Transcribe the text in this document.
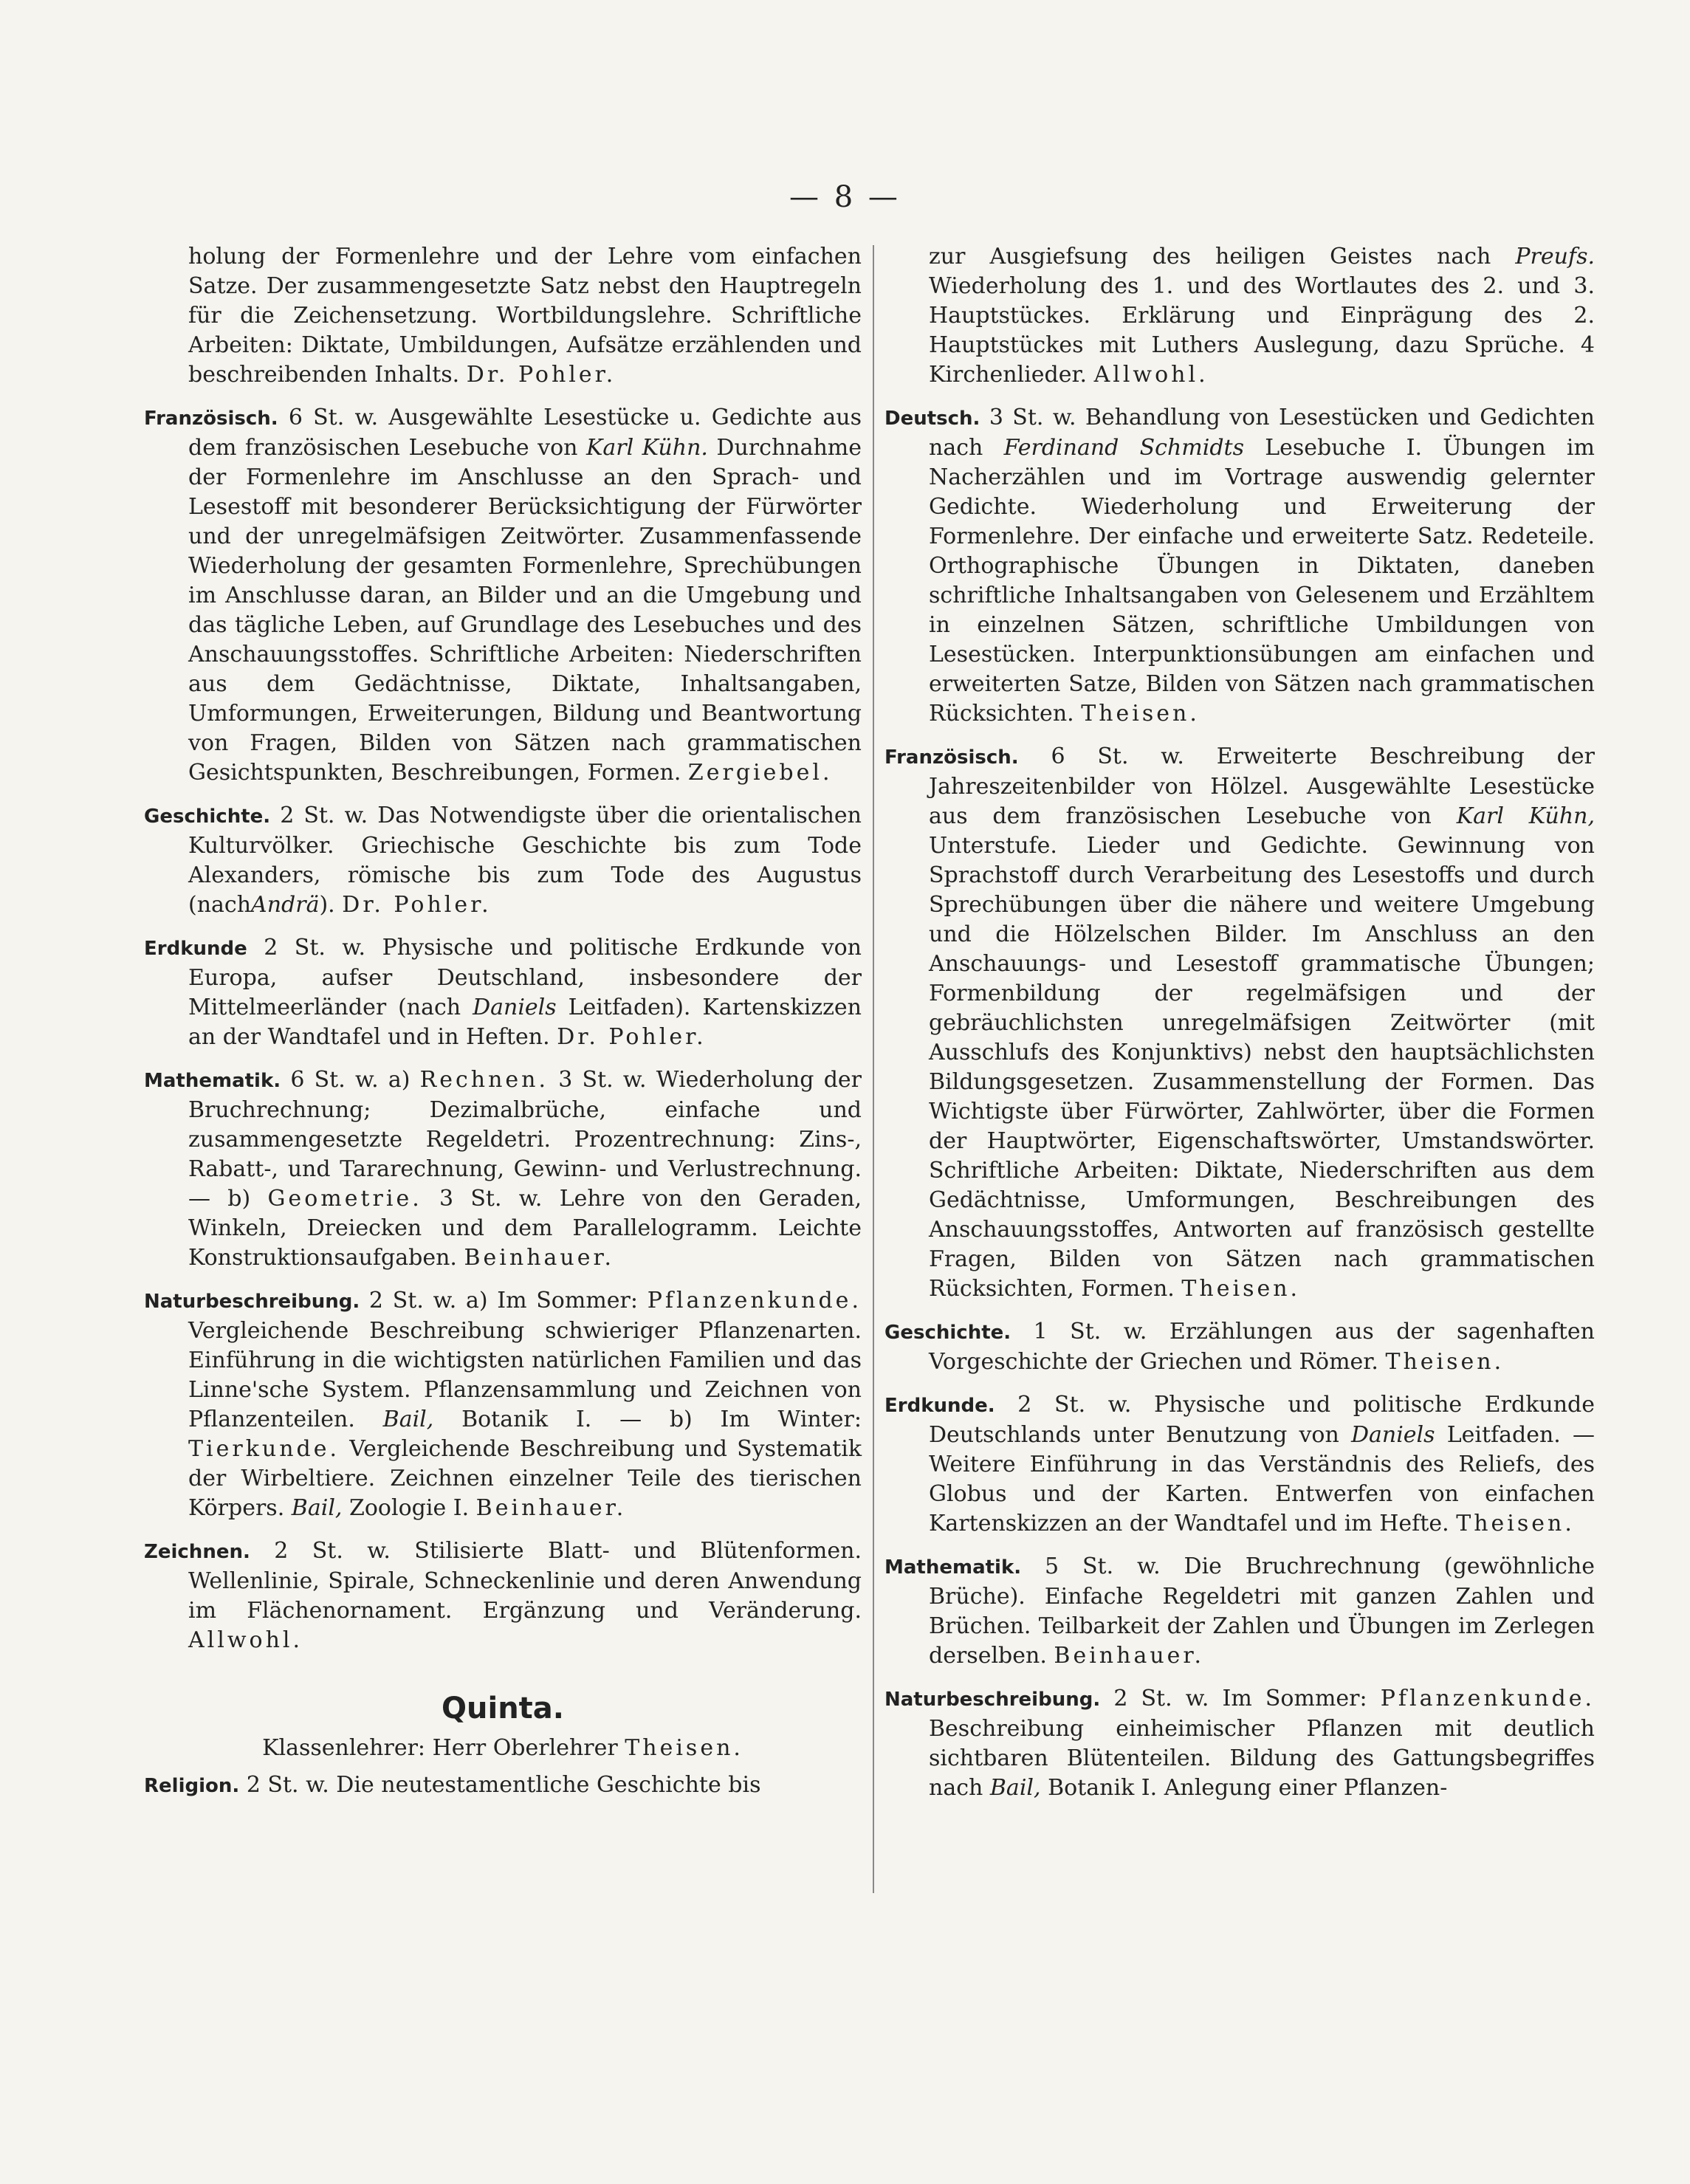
— 8 —

holung der Formenlehre und der Lehre vom einfachen Satze. Der zusammengesetzte Satz nebst den Hauptregeln für die Zeichensetzung. Wortbildungslehre. Schriftliche Arbeiten: Diktate, Umbildungen, Aufsätze erzählenden und beschreibenden Inhalts. Dr. Pohler.

Französisch. 6 St. w. Ausgewählte Lesestücke u. Gedichte aus dem französischen Lesebuche von Karl Kühn. Durchnahme der Formenlehre im Anschlusse an den Sprach- und Lesestoff mit besonderer Berücksichtigung der Fürwörter und der unregelmäfsigen Zeitwörter. Zusammenfassende Wiederholung der gesamten Formenlehre, Sprechübungen im Anschlusse daran, an Bilder und an die Umgebung und das tägliche Leben, auf Grundlage des Lesebuches und des Anschauungsstoffes. Schriftliche Arbeiten: Niederschriften aus dem Gedächtnisse, Diktate, Inhaltsangaben, Umformungen, Erweiterungen, Bildung und Beantwortung von Fragen, Bilden von Sätzen nach grammatischen Gesichtspunkten, Beschreibungen, Formen. Zergiebel.

Geschichte. 2 St. w. Das Notwendigste über die orientalischen Kulturvölker. Griechische Geschichte bis zum Tode Alexanders, römische bis zum Tode des Augustus (nachAndrä). Dr. Pohler.

Erdkunde 2 St. w. Physische und politische Erdkunde von Europa, aufser Deutschland, insbesondere der Mittelmeerländer (nach Daniels Leitfaden). Kartenskizzen an der Wandtafel und in Heften. Dr. Pohler.

Mathematik. 6 St. w. a) Rechnen. 3 St. w. Wiederholung der Bruchrechnung; Dezimalbrüche, einfache und zusammengesetzte Regeldetri. Prozentrechnung: Zins-, Rabatt-, und Tararechnung, Gewinn- und Verlustrechnung. — b) Geometrie. 3 St. w. Lehre von den Geraden, Winkeln, Dreiecken und dem Parallelogramm. Leichte Konstruktionsaufgaben. Beinhauer.

Naturbeschreibung. 2 St. w. a) Im Sommer: Pflanzenkunde. Vergleichende Beschreibung schwieriger Pflanzenarten. Einführung in die wichtigsten natürlichen Familien und das Linne'sche System. Pflanzensammlung und Zeichnen von Pflanzenteilen. Bail, Botanik I. — b) Im Winter: Tierkunde. Vergleichende Beschreibung und Systematik der Wirbeltiere. Zeichnen einzelner Teile des tierischen Körpers. Bail, Zoologie I. Beinhauer.

Zeichnen. 2 St. w. Stilisierte Blatt- und Blütenformen. Wellenlinie, Spirale, Schneckenlinie und deren Anwendung im Flächenornament. Ergänzung und Veränderung. Allwohl.

Quinta.
Klassenlehrer: Herr Oberlehrer Theisen.

Religion. 2 St. w. Die neutestamentliche Geschichte bis

zur Ausgiefsung des heiligen Geistes nach Preufs. Wiederholung des 1. und des Wortlautes des 2. und 3. Hauptstückes. Erklärung und Einprägung des 2. Hauptstückes mit Luthers Auslegung, dazu Sprüche. 4 Kirchenlieder. Allwohl.

Deutsch. 3 St. w. Behandlung von Lesestücken und Gedichten nach Ferdinand Schmidts Lesebuche I. Übungen im Nacherzählen und im Vortrage auswendig gelernter Gedichte. Wiederholung und Erweiterung der Formenlehre. Der einfache und erweiterte Satz. Redeteile. Orthographische Übungen in Diktaten, daneben schriftliche Inhaltsangaben von Gelesenem und Erzähltem in einzelnen Sätzen, schriftliche Umbildungen von Lesestücken. Interpunktionsübungen am einfachen und erweiterten Satze, Bilden von Sätzen nach grammatischen Rücksichten. Theisen.

Französisch. 6 St. w. Erweiterte Beschreibung der Jahreszeitenbilder von Hölzel. Ausgewählte Lesestücke aus dem französischen Lesebuche von Karl Kühn, Unterstufe. Lieder und Gedichte. Gewinnung von Sprachstoff durch Verarbeitung des Lesestoffs und durch Sprechübungen über die nähere und weitere Umgebung und die Hölzelschen Bilder. Im Anschluss an den Anschauungs- und Lesestoff grammatische Übungen; Formenbildung der regelmäfsigen und der gebräuchlichsten unregelmäfsigen Zeitwörter (mit Ausschlufs des Konjunktivs) nebst den hauptsächlichsten Bildungsgesetzen. Zusammenstellung der Formen. Das Wichtigste über Fürwörter, Zahlwörter, über die Formen der Hauptwörter, Eigenschaftswörter, Umstandswörter. Schriftliche Arbeiten: Diktate, Niederschriften aus dem Gedächtnisse, Umformungen, Beschreibungen des Anschauungsstoffes, Antworten auf französisch gestellte Fragen, Bilden von Sätzen nach grammatischen Rücksichten, Formen. Theisen.

Geschichte. 1 St. w. Erzählungen aus der sagenhaften Vorgeschichte der Griechen und Römer. Theisen.

Erdkunde. 2 St. w. Physische und politische Erdkunde Deutschlands unter Benutzung von Daniels Leitfaden. — Weitere Einführung in das Verständnis des Reliefs, des Globus und der Karten. Entwerfen von einfachen Kartenskizzen an der Wandtafel und im Hefte. Theisen.

Mathematik. 5 St. w. Die Bruchrechnung (gewöhnliche Brüche). Einfache Regeldetri mit ganzen Zahlen und Brüchen. Teilbarkeit der Zahlen und Übungen im Zerlegen derselben. Beinhauer.

Naturbeschreibung. 2 St. w. Im Sommer: Pflanzenkunde. Beschreibung einheimischer Pflanzen mit deutlich sichtbaren Blütenteilen. Bildung des Gattungsbegriffes nach Bail, Botanik I. Anlegung einer Pflanzen-
